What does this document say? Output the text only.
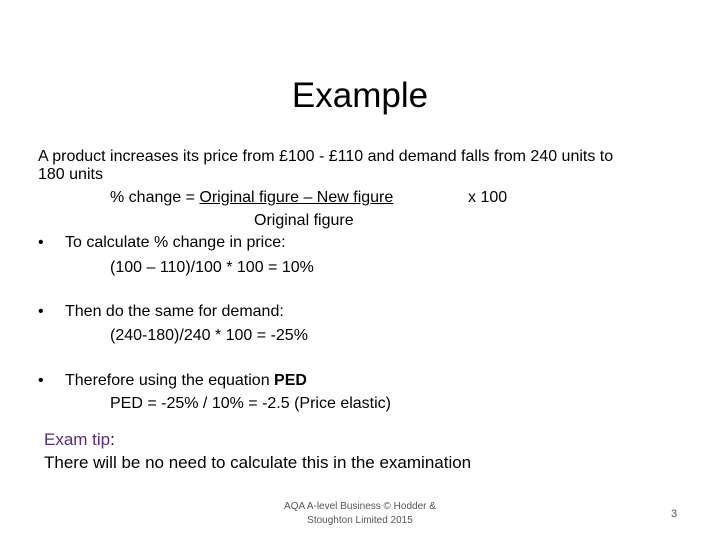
Example
A product increases its price from £100 - £110 and demand falls from 240 units to
180 units
% change = Original figure – New figure	x 100
Original figure
• To calculate % change in price:
(100 – 110)/100 * 100 = 10%
• Then do the same for demand:
(240-180)/240 * 100 = -25%
• Therefore using the equation PED
PED = -25% / 10% = -2.5 (Price elastic)
Exam tip:
There will be no need to calculate this in the examination
AQA A-level Business © Hodder &
Stoughton Limited 2015
3
